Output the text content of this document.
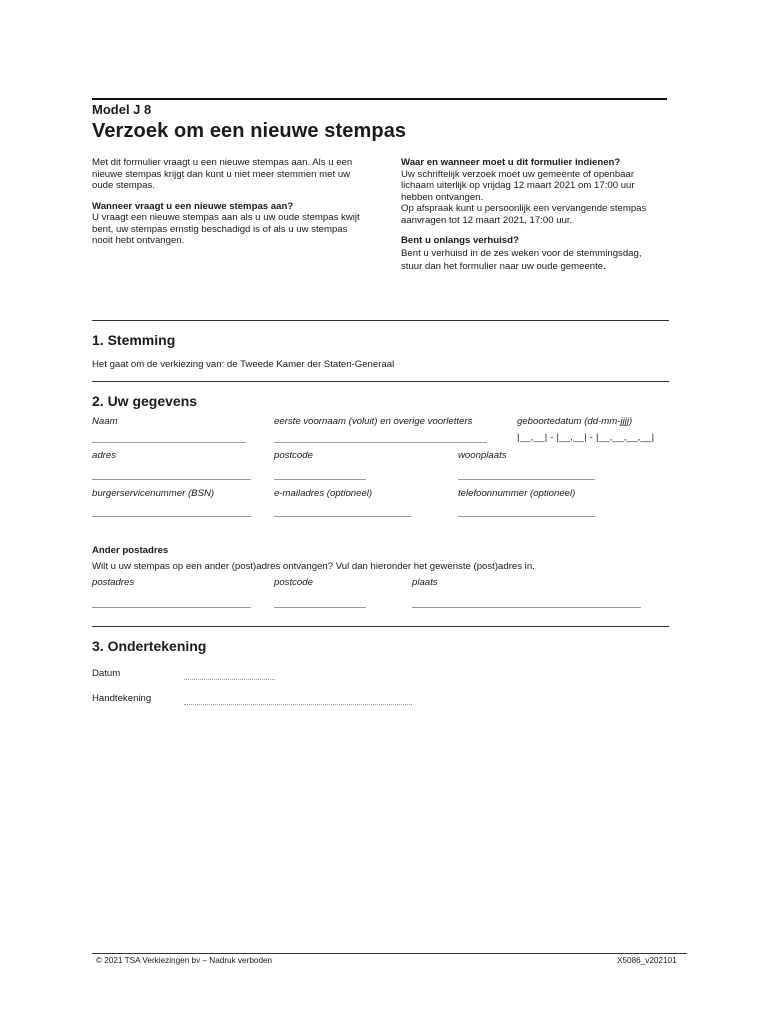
Model J 8
Verzoek om een nieuwe stempas

Met dit formulier vraagt u een nieuwe stempas aan. Als u een nieuwe stempas krijgt dan kunt u niet meer stemmen met uw oude stempas.

Wanneer vraagt u een nieuwe stempas aan?

U vraagt een nieuwe stempas aan als u uw oude stempas kwijt bent, uw stempas ernstig beschadigd is of als u uw stempas nooit hebt ontvangen.

Waar en wanneer moet u dit formulier indienen?

Uw schriftelijk verzoek moet uw gemeente of openbaar lichaam uiterlijk op vrijdag 12 maart 2021 om 17:00 uur hebben ontvangen.

Op afspraak kunt u persoonlijk een vervangende stempas aanvragen tot 12 maart 2021, 17:00 uur.

Bent u onlangs verhuisd?

Bent u verhuisd in de zes weken voor de stemmingsdag, stuur dan het formulier naar uw oude gemeente.

1. Stemming
Het gaat om de verkiezing van: de Tweede Kamer der Staten-Generaal
2. Uw gegevens
Naam	eerste voornaam (voluit) en overige voorletters	geboortedatum (dd-mm-jjjj)
|__,__| - |__,__| - |__,__,__,__|
adres	postcode	woonplaats
burgerservicenummer (BSN)	e-mailadres (optioneel)	telefoonnummer (optioneel)
Ander postadres
Wilt u uw stempas op een ander (post)adres ontvangen? Vul dan hieronder het gewenste (post)adres in.
postadres	postcode	plaats
3. Ondertekening
Datum
Handtekening
© 2021 TSA Verkiezingen bv – Nadruk verboden	X5086_v202101
